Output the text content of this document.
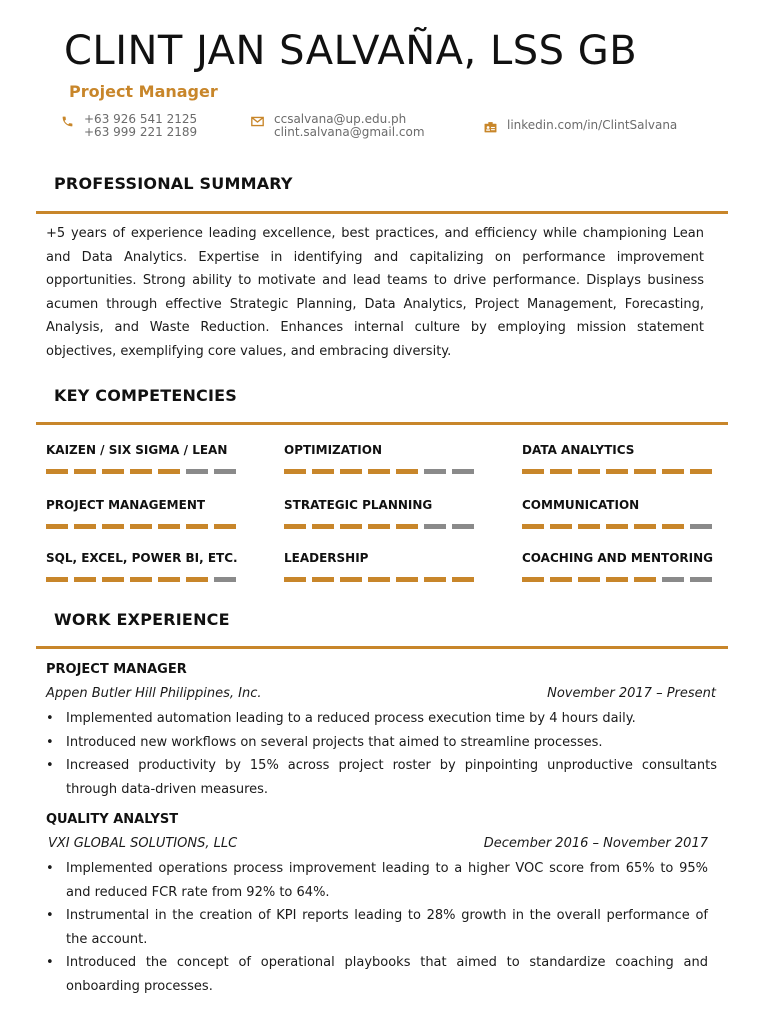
CLINT JAN SALVAÑA, LSS GB
Project Manager
+63 926 541 2125
+63 999 221 2189
ccsalvana@up.edu.ph
clint.salvana@gmail.com	linkedin.com/in/ClintSalvana
PROFESSIONAL SUMMARY
+5 years of experience leading excellence, best practices, and efficiency while championing Lean and Data Analytics. Expertise in identifying and capitalizing on performance improvement opportunities. Strong ability to motivate and lead teams to drive performance. Displays business acumen through effective Strategic Planning, Data Analytics, Project Management, Forecasting, Analysis, and Waste Reduction. Enhances internal culture by employing mission statement objectives, exemplifying core values, and embracing diversity.
KEY COMPETENCIES
KAIZEN / SIX SIGMA / LEAN	OPTIMIZATION	DATA ANALYTICS
PROJECT MANAGEMENT	STRATEGIC PLANNING	COMMUNICATION
SQL, EXCEL, POWER BI, ETC.	LEADERSHIP	COACHING AND MENTORING
WORK EXPERIENCE
PROJECT MANAGER
Appen Butler Hill Philippines, Inc.	November 2017 – Present
• Implemented automation leading to a reduced process execution time by 4 hours daily.
• Introduced new workflows on several projects that aimed to streamline processes.
• Increased productivity by 15% across project roster by pinpointing unproductive consultants through data-driven measures.
QUALITY ANALYST
VXI GLOBAL SOLUTIONS, LLC	December 2016 – November 2017
• Implemented operations process improvement leading to a higher VOC score from 65% to 95% and reduced FCR rate from 92% to 64%.
• Instrumental in the creation of KPI reports leading to 28% growth in the overall performance of the account.
• Introduced the concept of operational playbooks that aimed to standardize coaching and onboarding processes.
